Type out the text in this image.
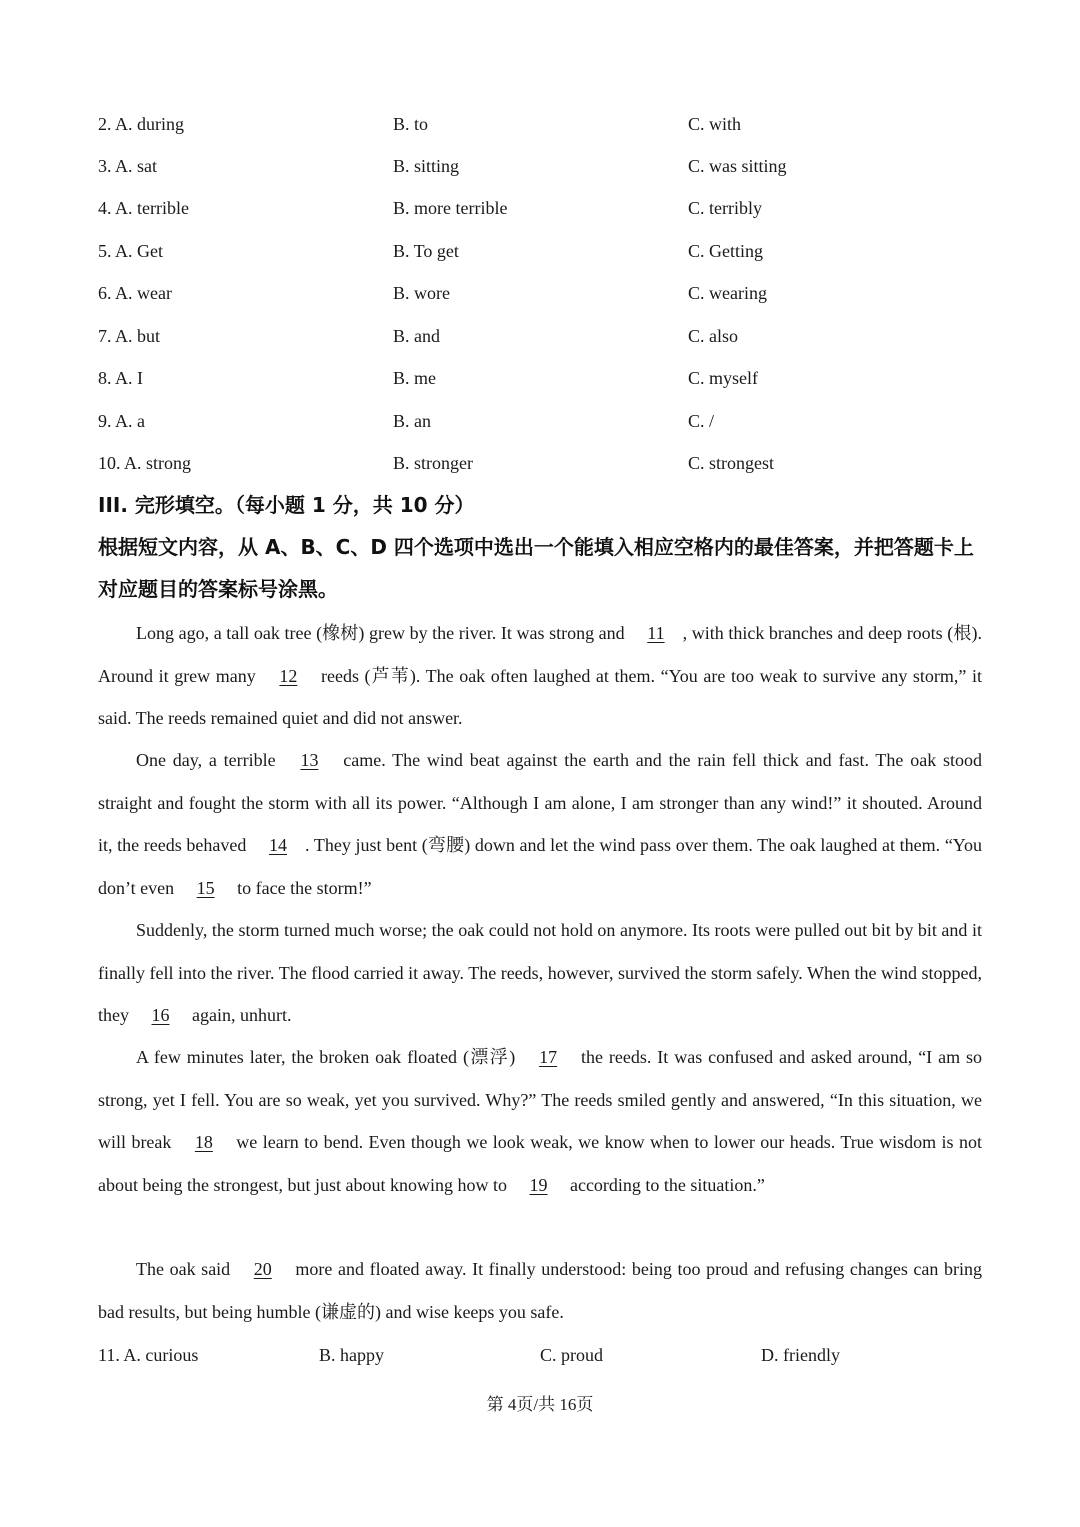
2. A. during	B. to	C. with
3. A. sat	B. sitting	C. was sitting
4. A. terrible	B. more terrible	C. terribly
5. A. Get	B. To get	C. Getting
6. A. wear	B. wore	C. wearing
7. A. but	B. and	C. also
8. A. I	B. me	C. myself
9. A. a	B. an	C. /
10. A. strong	B. stronger	C. strongest
III. 完形填空。（每小题 1 分，共 10 分）
根据短文内容，从 A、B、C、D 四个选项中选出一个能填入相应空格内的最佳答案，并把答题卡上对应题目的答案标号涂黑。

Long ago, a tall oak tree (橡树) grew by the river. It was strong and 11 , with thick branches and deep roots (根). Around it grew many 12 reeds (芦苇). The oak often laughed at them. “You are too weak to survive any storm,” it said. The reeds remained quiet and did not answer.

One day, a terrible 13 came. The wind beat against the earth and the rain fell thick and fast. The oak stood straight and fought the storm with all its power. “Although I am alone, I am stronger than any wind!” it shouted. Around it, the reeds behaved 14 . They just bent (弯腰) down and let the wind pass over them. The oak laughed at them. “You don’t even 15 to face the storm!”

Suddenly, the storm turned much worse; the oak could not hold on anymore. Its roots were pulled out bit by bit and it finally fell into the river. The flood carried it away. The reeds, however, survived the storm safely. When the wind stopped, they 16 again, unhurt.

A few minutes later, the broken oak floated (漂浮) 17 the reeds. It was confused and asked around, “I am so strong, yet I fell. You are so weak, yet you survived. Why?” The reeds smiled gently and answered, “In this situation, we will break 18 we learn to bend. Even though we look weak, we know when to lower our heads. True wisdom is not about being the strongest, but just about knowing how to 19 according to the situation.”

The oak said 20 more and floated away. It finally understood: being too proud and refusing changes can bring bad results, but being humble (谦虚的) and wise keeps you safe.

11. A. curious	B. happy	C. proud	D. friendly
第 4页/共 16页
